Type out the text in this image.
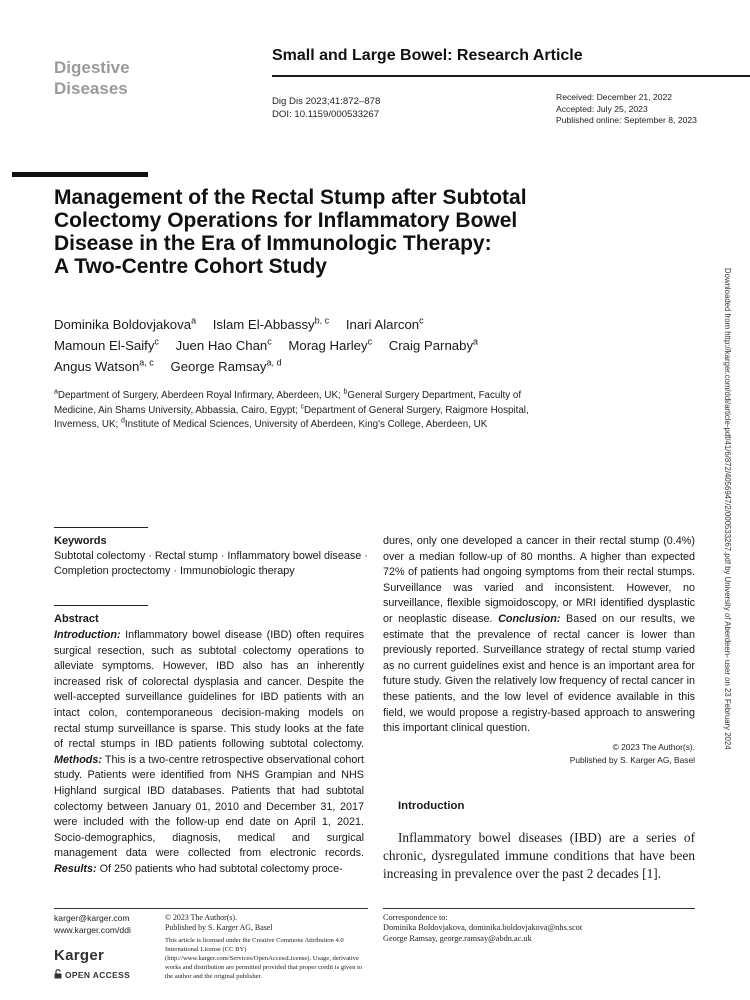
Digestive
Diseases
Small and Large Bowel: Research Article
Dig Dis 2023;41:872–878
DOI: 10.1159/000533267
Received: December 21, 2022
Accepted: July 25, 2023
Published online: September 8, 2023
Management of the Rectal Stump after Subtotal
Colectomy Operations for Inflammatory Bowel
Disease in the Era of Immunologic Therapy:
A Two-Centre Cohort Study
Dominika Boldovjakova$^a$ Islam El-Abbassy$^{b, c}$ Inari Alarcon$^c$
Mamoun El-Saify$^c$ Juen Hao Chan$^c$ Morag Harley$^c$ Craig Parnaby$^a$
Angus Watson$^{a, c}$ George Ramsay$^{a, d}$
$^a$Department of Surgery, Aberdeen Royal Infirmary, Aberdeen, UK; $^b$General Surgery Department, Faculty of Medicine, Ain Shams University, Abbassia, Cairo, Egypt; $^c$Department of General Surgery, Raigmore Hospital, Inverness, UK; $^d$Institute of Medical Sciences, University of Aberdeen, King's College, Aberdeen, UK
Keywords
Subtotal colectomy · Rectal stump · Inflammatory bowel disease · Completion proctectomy · Immunobiologic therapy
Abstract
Introduction: Inflammatory bowel disease (IBD) often requires surgical resection, such as subtotal colectomy operations to alleviate symptoms. However, IBD also has an inherently increased risk of colorectal dysplasia and cancer. Despite the well-accepted surveillance guidelines for IBD patients with an intact colon, contemporaneous decision-making models on rectal stump surveillance is sparse. This study looks at the fate of rectal stumps in IBD patients following subtotal colectomy. Methods: This is a two-centre retrospective observational cohort study. Patients were identified from NHS Grampian and NHS Highland surgical IBD databases. Patients that had subtotal colectomy between January 01, 2010 and December 31, 2017 were included with the follow-up end date on April 1, 2021. Socio-demographics, diagnosis, medical and surgical management data were collected from electronic records. Results: Of 250 patients who had subtotal colectomy proce-
dures, only one developed a cancer in their rectal stump (0.4%) over a median follow-up of 80 months. A higher than expected 72% of patients had ongoing symptoms from their rectal stumps. Surveillance was varied and inconsistent. However, no surveillance, flexible sigmoidoscopy, or MRI identified dysplastic or neoplastic disease. Conclusion: Based on our results, we estimate that the prevalence of rectal cancer is lower than previously reported. Surveillance strategy of rectal stump varied as no current guidelines exist and hence is an important area for future study. Given the relatively low frequency of rectal cancer in these patients, and the low level of evidence available in this field, we would propose a registry-based approach to answering this important clinical question.
© 2023 The Author(s).
Published by S. Karger AG, Basel
Introduction
Inflammatory bowel diseases (IBD) are a series of chronic, dysregulated immune conditions that have been increasing in prevalence over the past 2 decades [1].
karger@karger.com
www.karger.com/ddi
Karger
OPEN ACCESS
© 2023 The Author(s).
Published by S. Karger AG, Basel
This article is licensed under the Creative Commons Attribution 4.0 International License (CC BY) (http://www.karger.com/Services/OpenAccessLicense). Usage, derivative works and distribution are permitted provided that proper credit is given to the author and the original publisher.
Correspondence to:
Dominika Boldovjakova, dominika.boldovjakova@nhs.scot
George Ramsay, george.ramsay@abdn.ac.uk
Downloaded from http://karger.com/ddi/article-pdf/41/6/872/4056947/2/000533267.pdf by University of Aberdeen- user on 23 February 2024
